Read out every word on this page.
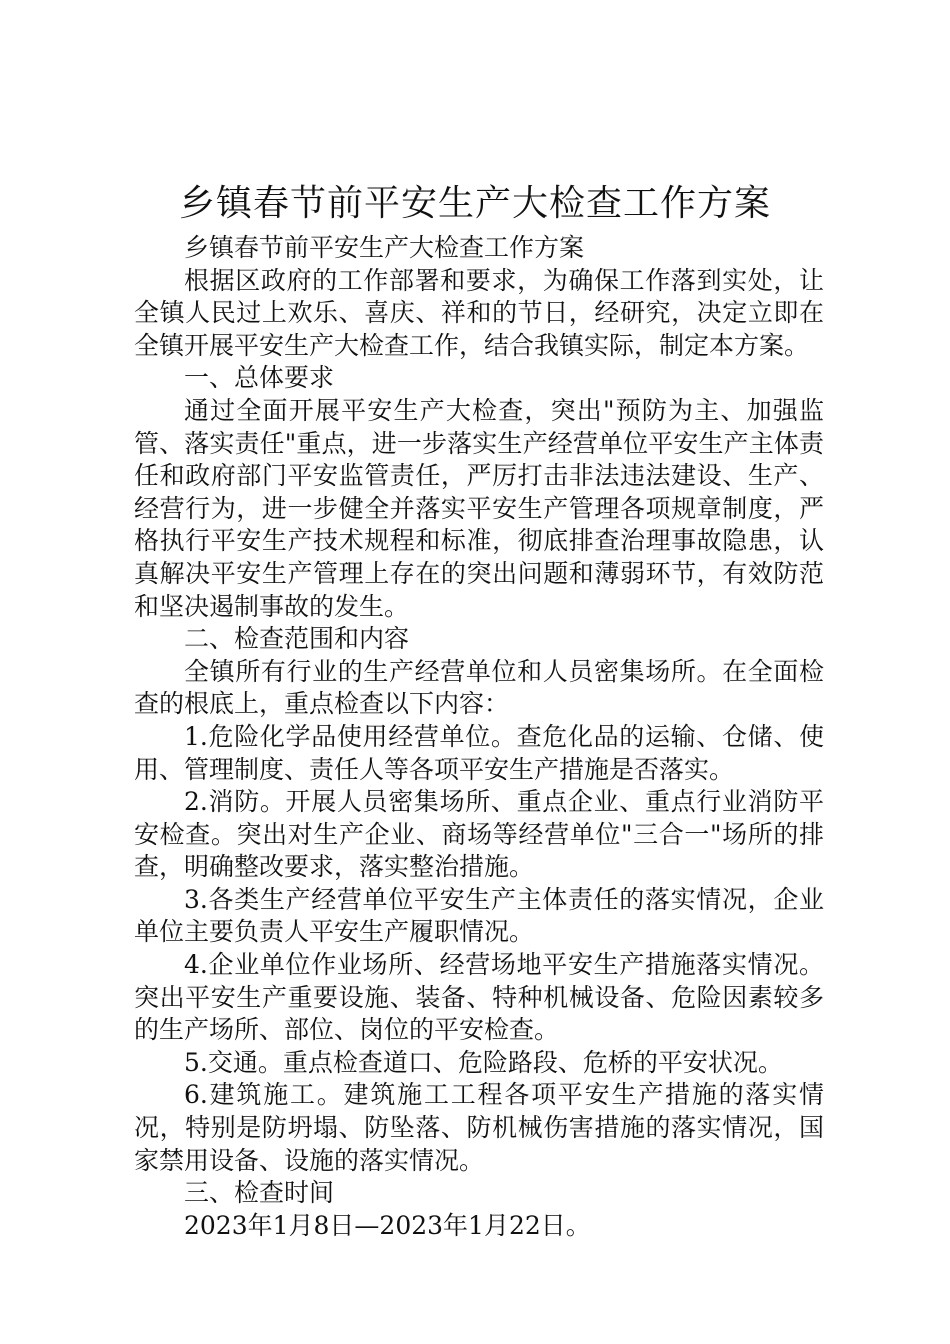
乡镇春节前平安生产大检查工作方案

乡镇春节前平安生产大检查工作方案

根据区政府的工作部署和要求，为确保工作落到实处，让全镇人民过上欢乐、喜庆、祥和的节日，经研究，决定立即在全镇开展平安生产大检查工作，结合我镇实际，制定本方案。

一、总体要求

通过全面开展平安生产大检查，突出"预防为主、加强监管、落实责任"重点，进一步落实生产经营单位平安生产主体责任和政府部门平安监管责任，严厉打击非法违法建设、生产、经营行为，进一步健全并落实平安生产管理各项规章制度，严格执行平安生产技术规程和标准，彻底排查治理事故隐患，认真解决平安生产管理上存在的突出问题和薄弱环节，有效防范和坚决遏制事故的发生。

二、检查范围和内容

全镇所有行业的生产经营单位和人员密集场所。在全面检查的根底上，重点检查以下内容：

1.危险化学品使用经营单位。查危化品的运输、仓储、使用、管理制度、责任人等各项平安生产措施是否落实。

2.消防。开展人员密集场所、重点企业、重点行业消防平安检查。突出对生产企业、商场等经营单位"三合一"场所的排查，明确整改要求，落实整治措施。

3.各类生产经营单位平安生产主体责任的落实情况，企业单位主要负责人平安生产履职情况。

4.企业单位作业场所、经营场地平安生产措施落实情况。突出平安生产重要设施、装备、特种机械设备、危险因素较多的生产场所、部位、岗位的平安检查。

5.交通。重点检查道口、危险路段、危桥的平安状况。

6.建筑施工。建筑施工工程各项平安生产措施的落实情况，特别是防坍塌、防坠落、防机械伤害措施的落实情况，国家禁用设备、设施的落实情况。

三、检查时间

2023年1月8日—2023年1月22日。
